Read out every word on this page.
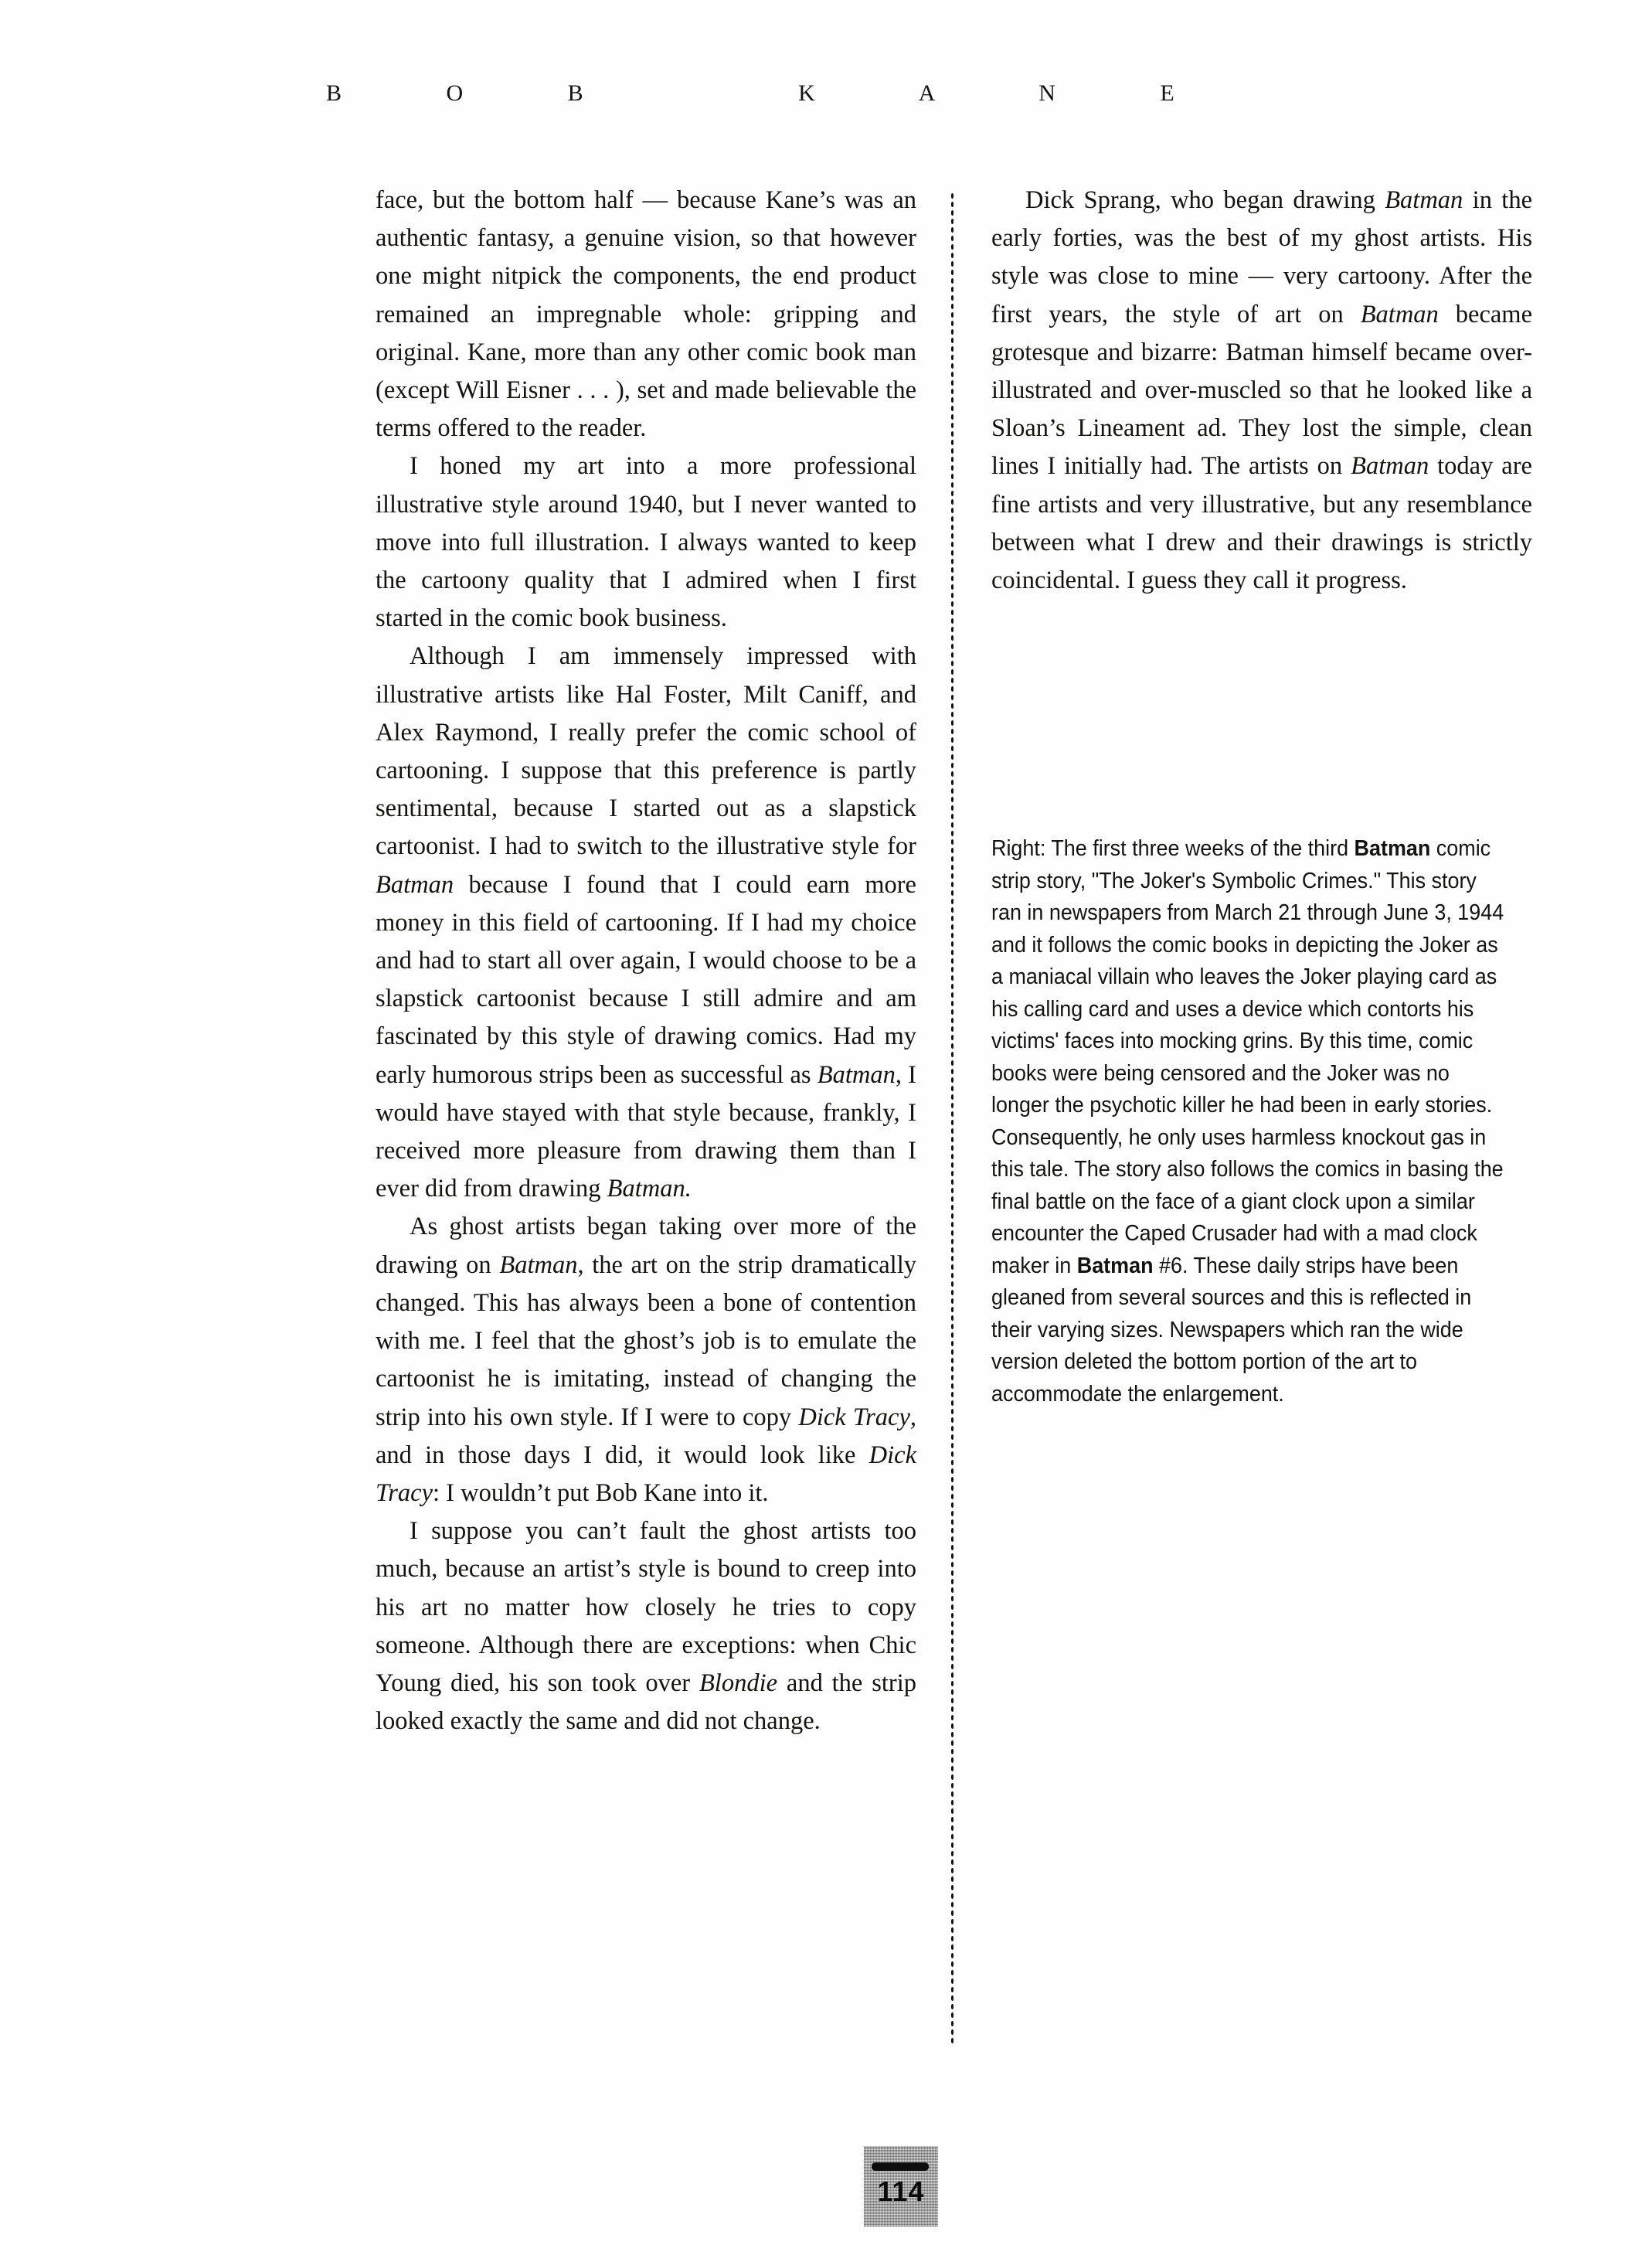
B O B   K A N E

face, but the bottom half — because Kane’s was an authentic fantasy, a genuine vision, so that however one might nitpick the components, the end product remained an impregnable whole: gripping and original. Kane, more than any other comic book man (except Will Eisner . . . ), set and made believable the terms offered to the reader.

I honed my art into a more professional illustrative style around 1940, but I never wanted to move into full illustration. I always wanted to keep the cartoony quality that I admired when I first started in the comic book business.

Although I am immensely impressed with illustrative artists like Hal Foster, Milt Caniff, and Alex Raymond, I really prefer the comic school of cartooning. I suppose that this preference is partly sentimental, because I started out as a slapstick cartoonist. I had to switch to the illustrative style for Batman because I found that I could earn more money in this field of cartooning. If I had my choice and had to start all over again, I would choose to be a slapstick cartoonist because I still admire and am fascinated by this style of drawing comics. Had my early humorous strips been as successful as Batman, I would have stayed with that style because, frankly, I received more pleasure from drawing them than I ever did from drawing Batman.

As ghost artists began taking over more of the drawing on Batman, the art on the strip dramatically changed. This has always been a bone of contention with me. I feel that the ghost’s job is to emulate the cartoonist he is imitating, instead of changing the strip into his own style. If I were to copy Dick Tracy, and in those days I did, it would look like Dick Tracy: I wouldn’t put Bob Kane into it.

I suppose you can’t fault the ghost artists too much, because an artist’s style is bound to creep into his art no matter how closely he tries to copy someone. Although there are exceptions: when Chic Young died, his son took over Blondie and the strip looked exactly the same and did not change.

Dick Sprang, who began drawing Batman in the early forties, was the best of my ghost artists. His style was close to mine — very cartoony. After the first years, the style of art on Batman became grotesque and bizarre: Batman himself became over-illustrated and over-muscled so that he looked like a Sloan’s Lineament ad. They lost the simple, clean lines I initially had. The artists on Batman today are fine artists and very illustrative, but any resemblance between what I drew and their drawings is strictly coincidental. I guess they call it progress.

Right: The first three weeks of the third Batman comic strip story, "The Joker's Symbolic Crimes." This story ran in newspapers from March 21 through June 3, 1944 and it follows the comic books in depicting the Joker as a maniacal villain who leaves the Joker playing card as his calling card and uses a device which contorts his victims' faces into mocking grins. By this time, comic books were being censored and the Joker was no longer the psychotic killer he had been in early stories. Consequently, he only uses harmless knockout gas in this tale. The story also follows the comics in basing the final battle on the face of a giant clock upon a similar encounter the Caped Crusader had with a mad clock maker in Batman #6. These daily strips have been gleaned from several sources and this is reflected in their varying sizes. Newspapers which ran the wide version deleted the bottom portion of the art to accommodate the enlargement.

114
